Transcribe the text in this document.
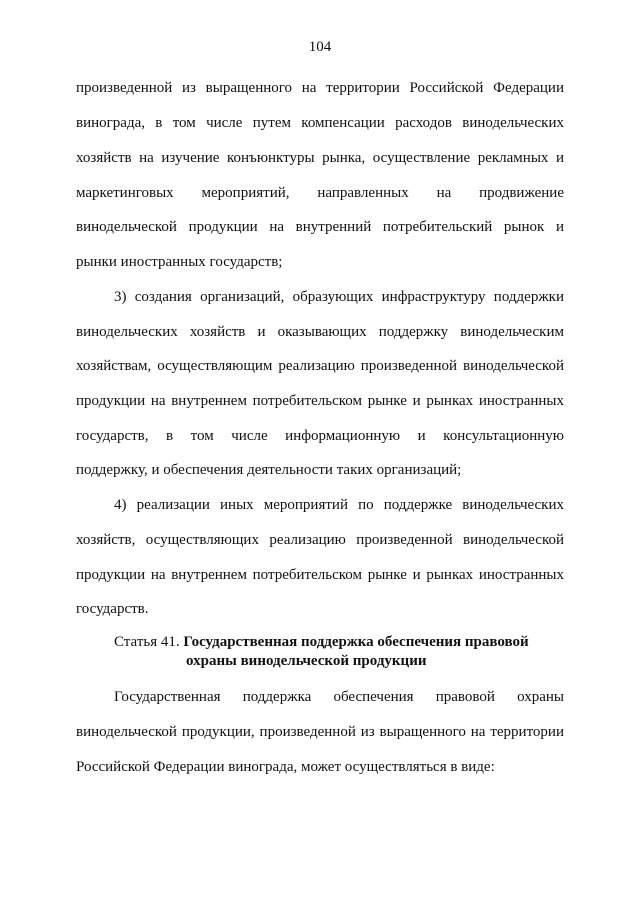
104
произведенной из выращенного на территории Российской Федерации
винограда, в том числе путем компенсации расходов винодельческих
хозяйств на изучение конъюнктуры рынка, осуществление рекламных и
маркетинговых мероприятий, направленных на продвижение
винодельческой продукции на внутренний потребительский рынок и
рынки иностранных государств;
3) создания организаций, образующих инфраструктуру поддержки
винодельческих хозяйств и оказывающих поддержку винодельческим
хозяйствам, осуществляющим реализацию произведенной винодельческой
продукции на внутреннем потребительском рынке и рынках иностранных
государств, в том числе информационную и консультационную
поддержку, и обеспечения деятельности таких организаций;
4) реализации иных мероприятий по поддержке винодельческих
хозяйств, осуществляющих реализацию произведенной винодельческой
продукции на внутреннем потребительском рынке и рынках иностранных
государств.
Статья 41. Государственная поддержка обеспечения правовой
охраны винодельческой продукции
Государственная поддержка обеспечения правовой охраны
винодельческой продукции, произведенной из выращенного на территории
Российской Федерации винограда, может осуществляться в виде:
